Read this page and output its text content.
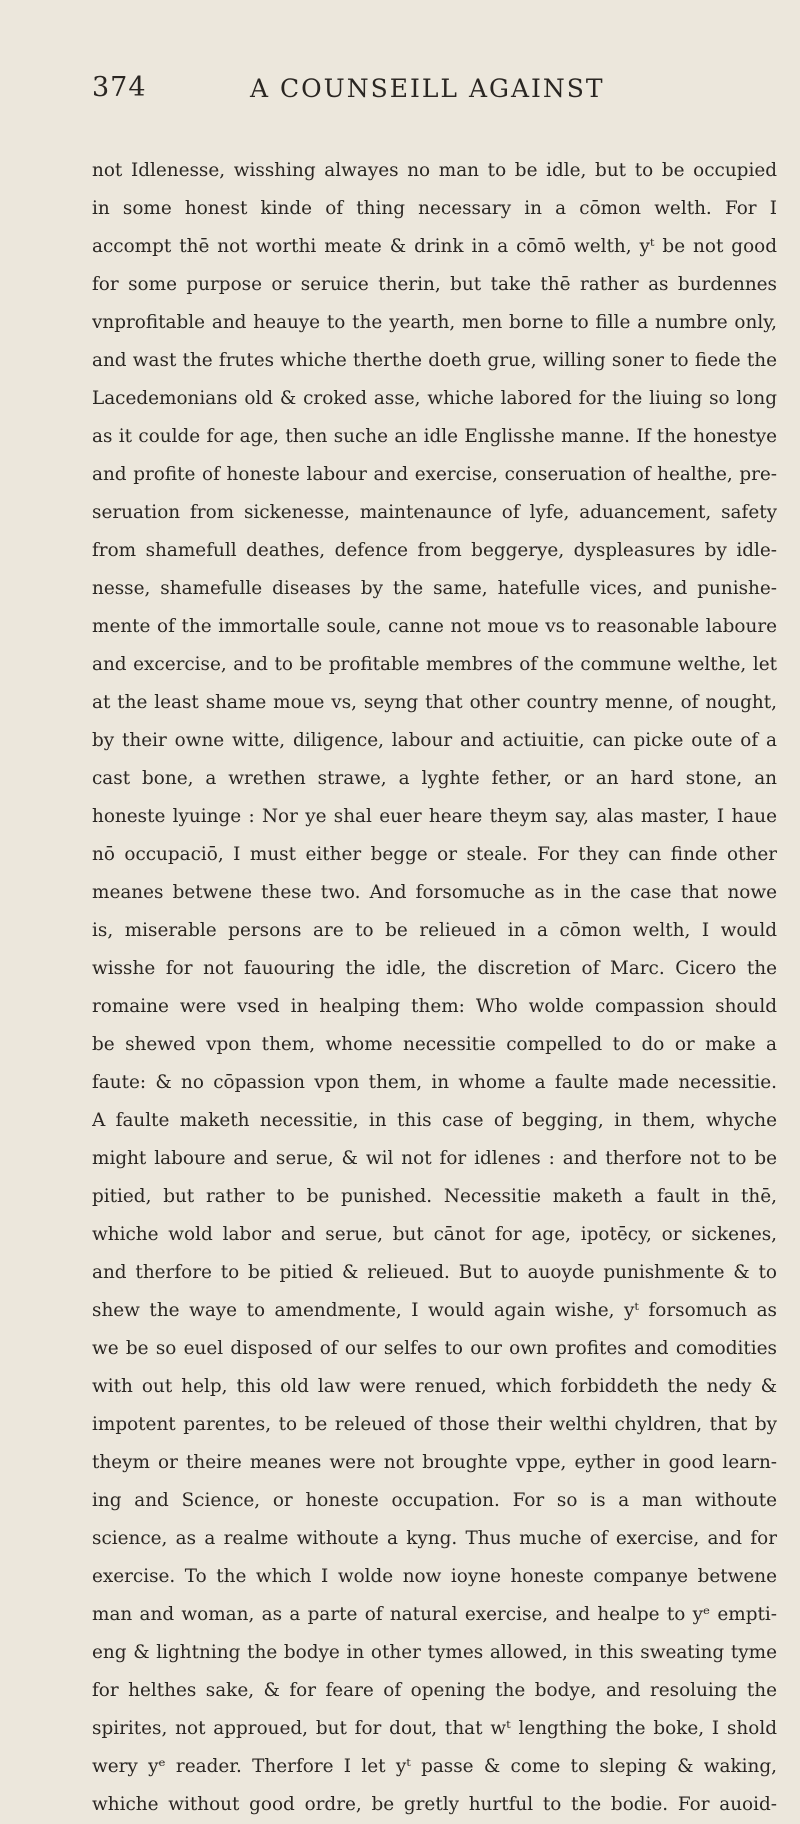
374	A COUNSEILL AGAINST
not Idlenesse, wisshing alwayes no man to be idle, but to be occupied
in some honest kinde of thing necessary in a cōmon welth. For I
accompt thē not worthi meate & drink in a cōmō welth, yᵗ be not good
for some purpose or seruice therin, but take thē rather as burdennes
vnprofitable and heauye to the yearth, men borne to fille a numbre only,
and wast the frutes whiche therthe doeth grue, willing soner to fiede the
Lacedemonians old & croked asse, whiche labored for the liuing so long
as it coulde for age, then suche an idle Englisshe manne. If the honestye
and profite of honeste labour and exercise, conseruation of healthe, pre-
seruation from sickenesse, maintenaunce of lyfe, aduancement, safety
from shamefull deathes, defence from beggerye, dyspleasures by idle-
nesse, shamefulle diseases by the same, hatefulle vices, and punishe-
mente of the immortalle soule, canne not moue vs to reasonable laboure
and excercise, and to be profitable membres of the commune welthe, let
at the least shame moue vs, seyng that other country menne, of nought,
by their owne witte, diligence, labour and actiuitie, can picke oute of a
cast bone, a wrethen strawe, a lyghte fether, or an hard stone, an
honeste lyuinge : Nor ye shal euer heare theym say, alas master, I haue
nō occupaciō, I must either begge or steale. For they can finde other
meanes betwene these two. And forsomuche as in the case that nowe
is, miserable persons are to be relieued in a cōmon welth, I would
wisshe for not fauouring the idle, the discretion of Marc. Cicero the
romaine were vsed in healping them: Who wolde compassion should
be shewed vpon them, whome necessitie compelled to do or make a
faute: & no cōpassion vpon them, in whome a faulte made necessitie.
A faulte maketh necessitie, in this case of begging, in them, whyche
might laboure and serue, & wil not for idlenes : and therfore not to be
pitied, but rather to be punished. Necessitie maketh a fault in thē,
whiche wold labor and serue, but cānot for age, ipotēcy, or sickenes,
and therfore to be pitied & relieued. But to auoyde punishmente & to
shew the waye to amendmente, I would again wishe, yᵗ forsomuch as
we be so euel disposed of our selfes to our own profites and comodities
with out help, this old law were renued, which forbiddeth the nedy &
impotent parentes, to be releued of those their welthi chyldren, that by
theym or theire meanes were not broughte vppe, eyther in good learn-
ing and Science, or honeste occupation. For so is a man withoute
science, as a realme withoute a kyng. Thus muche of exercise, and for
exercise. To the which I wolde now ioyne honeste companye betwene
man and woman, as a parte of natural exercise, and healpe to yᵉ empti-
eng & lightning the bodye in other tymes allowed, in this sweating tyme
for helthes sake, & for feare of opening the bodye, and resoluing the
spirites, not approued, but for dout, that wᵗ lengthing the boke, I shold
wery yᵉ reader. Therfore I let yᵗ passe & come to sleping & waking,
whiche without good ordre, be gretly hurtful to the bodie. For auoid-
